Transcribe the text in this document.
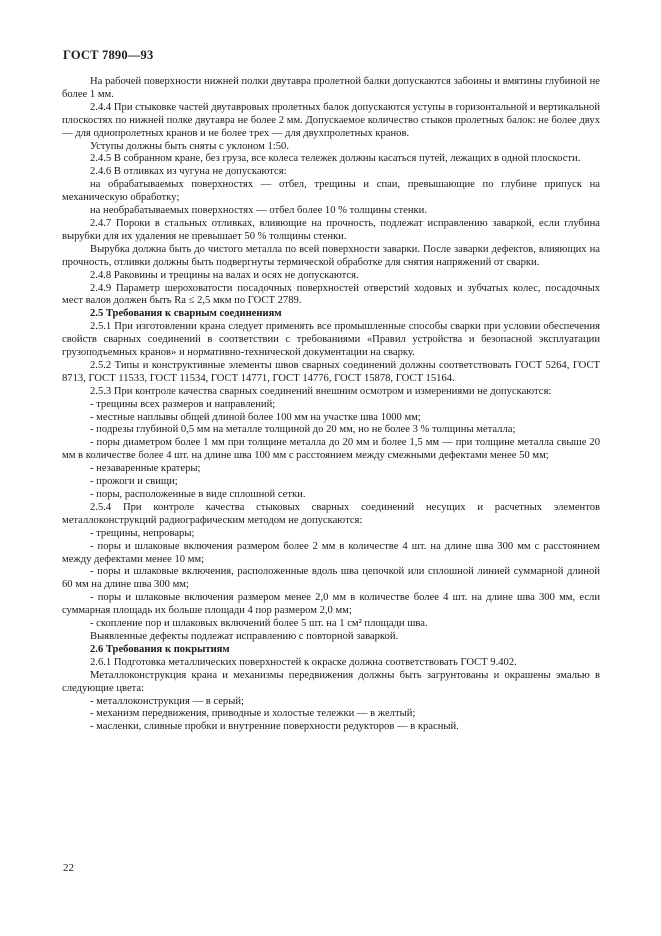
ГОСТ 7890—93

На рабочей поверхности нижней полки двутавра пролетной балки допускаются забоины и вмятины глубиной не более 1 мм.

2.4.4 При стыковке частей двутавровых пролетных балок допускаются уступы в горизонтальной и вертикальной плоскостях по нижней полке двутавра не более 2 мм. Допускаемое количество стыков пролетных балок: не более двух — для однопролетных кранов и не более трех — для двухпролетных кранов.

Уступы должны быть сняты с уклоном 1:50.

2.4.5 В собранном кране, без груза, все колеса тележек должны касаться путей, лежащих в одной плоскости.

2.4.6 В отливках из чугуна не допускаются:

на обрабатываемых поверхностях — отбел, трещины и спаи, превышающие по глубине припуск на механическую обработку;

на необрабатываемых поверхностях — отбел более 10 % толщины стенки.

2.4.7 Пороки в стальных отливках, влияющие на прочность, подлежат исправлению заваркой, если глубина вырубки для их удаления не превышает 50 % толщины стенки.

Вырубка должна быть до чистого металла по всей поверхности заварки. После заварки дефектов, влияющих на прочность, отливки должны быть подвергнуты термической обработке для снятия напряжений от сварки.

2.4.8 Раковины и трещины на валах и осях не допускаются.

2.4.9 Параметр шероховатости посадочных поверхностей отверстий ходовых и зубчатых колес, посадочных мест валов должен быть Ra ≤ 2,5 мкм по ГОСТ 2789.

2.5 Требования к сварным соединениям

2.5.1 При изготовлении крана следует применять все промышленные способы сварки при условии обеспечения свойств сварных соединений в соответствии с требованиями «Правил устройства и безопасной эксплуатации грузоподъемных кранов» и нормативно-технической документации на сварку.

2.5.2 Типы и конструктивные элементы швов сварных соединений должны соответствовать ГОСТ 5264, ГОСТ 8713, ГОСТ 11533, ГОСТ 11534, ГОСТ 14771, ГОСТ 14776, ГОСТ 15878, ГОСТ 15164.

2.5.3 При контроле качества сварных соединений внешним осмотром и измерениями не допускаются:

- трещины всех размеров и направлений;

- местные наплывы общей длиной более 100 мм на участке шва 1000 мм;

- подрезы глубиной 0,5 мм на металле толщиной до 20 мм, но не более 3 % толщины металла;

- поры диаметром более 1 мм при толщине металла до 20 мм и более 1,5 мм — при толщине металла свыше 20 мм в количестве более 4 шт. на длине шва 100 мм с расстоянием между смежными дефектами менее 50 мм;

- незаваренные кратеры;

- прожоги и свищи;

- поры, расположенные в виде сплошной сетки.

2.5.4 При контроле качества стыковых сварных соединений несущих и расчетных элементов металлоконструкций радиографическим методом не допускаются:

- трещины, непровары;

- поры и шлаковые включения размером более 2 мм в количестве 4 шт. на длине шва 300 мм с расстоянием между дефектами менее 10 мм;

- поры и шлаковые включения, расположенные вдоль шва цепочкой или сплошной линией суммарной длиной 60 мм на длине шва 300 мм;

- поры и шлаковые включения размером менее 2,0 мм в количестве более 4 шт. на длине шва 300 мм, если суммарная площадь их больше площади 4 пор размером 2,0 мм;

- скопление пор и шлаковых включений более 5 шт. на 1 см² площади шва.

Выявленные дефекты подлежат исправлению с повторной заваркой.

2.6 Требования к покрытиям

2.6.1 Подготовка металлических поверхностей к окраске должна соответствовать ГОСТ 9.402.

Металлоконструкция крана и механизмы передвижения должны быть загрунтованы и окрашены эмалью в следующие цвета:

- металлоконструкция — в серый;

- механизм передвижения, приводные и холостые тележки — в желтый;

- масленки, сливные пробки и внутренние поверхности редукторов — в красный.

22
